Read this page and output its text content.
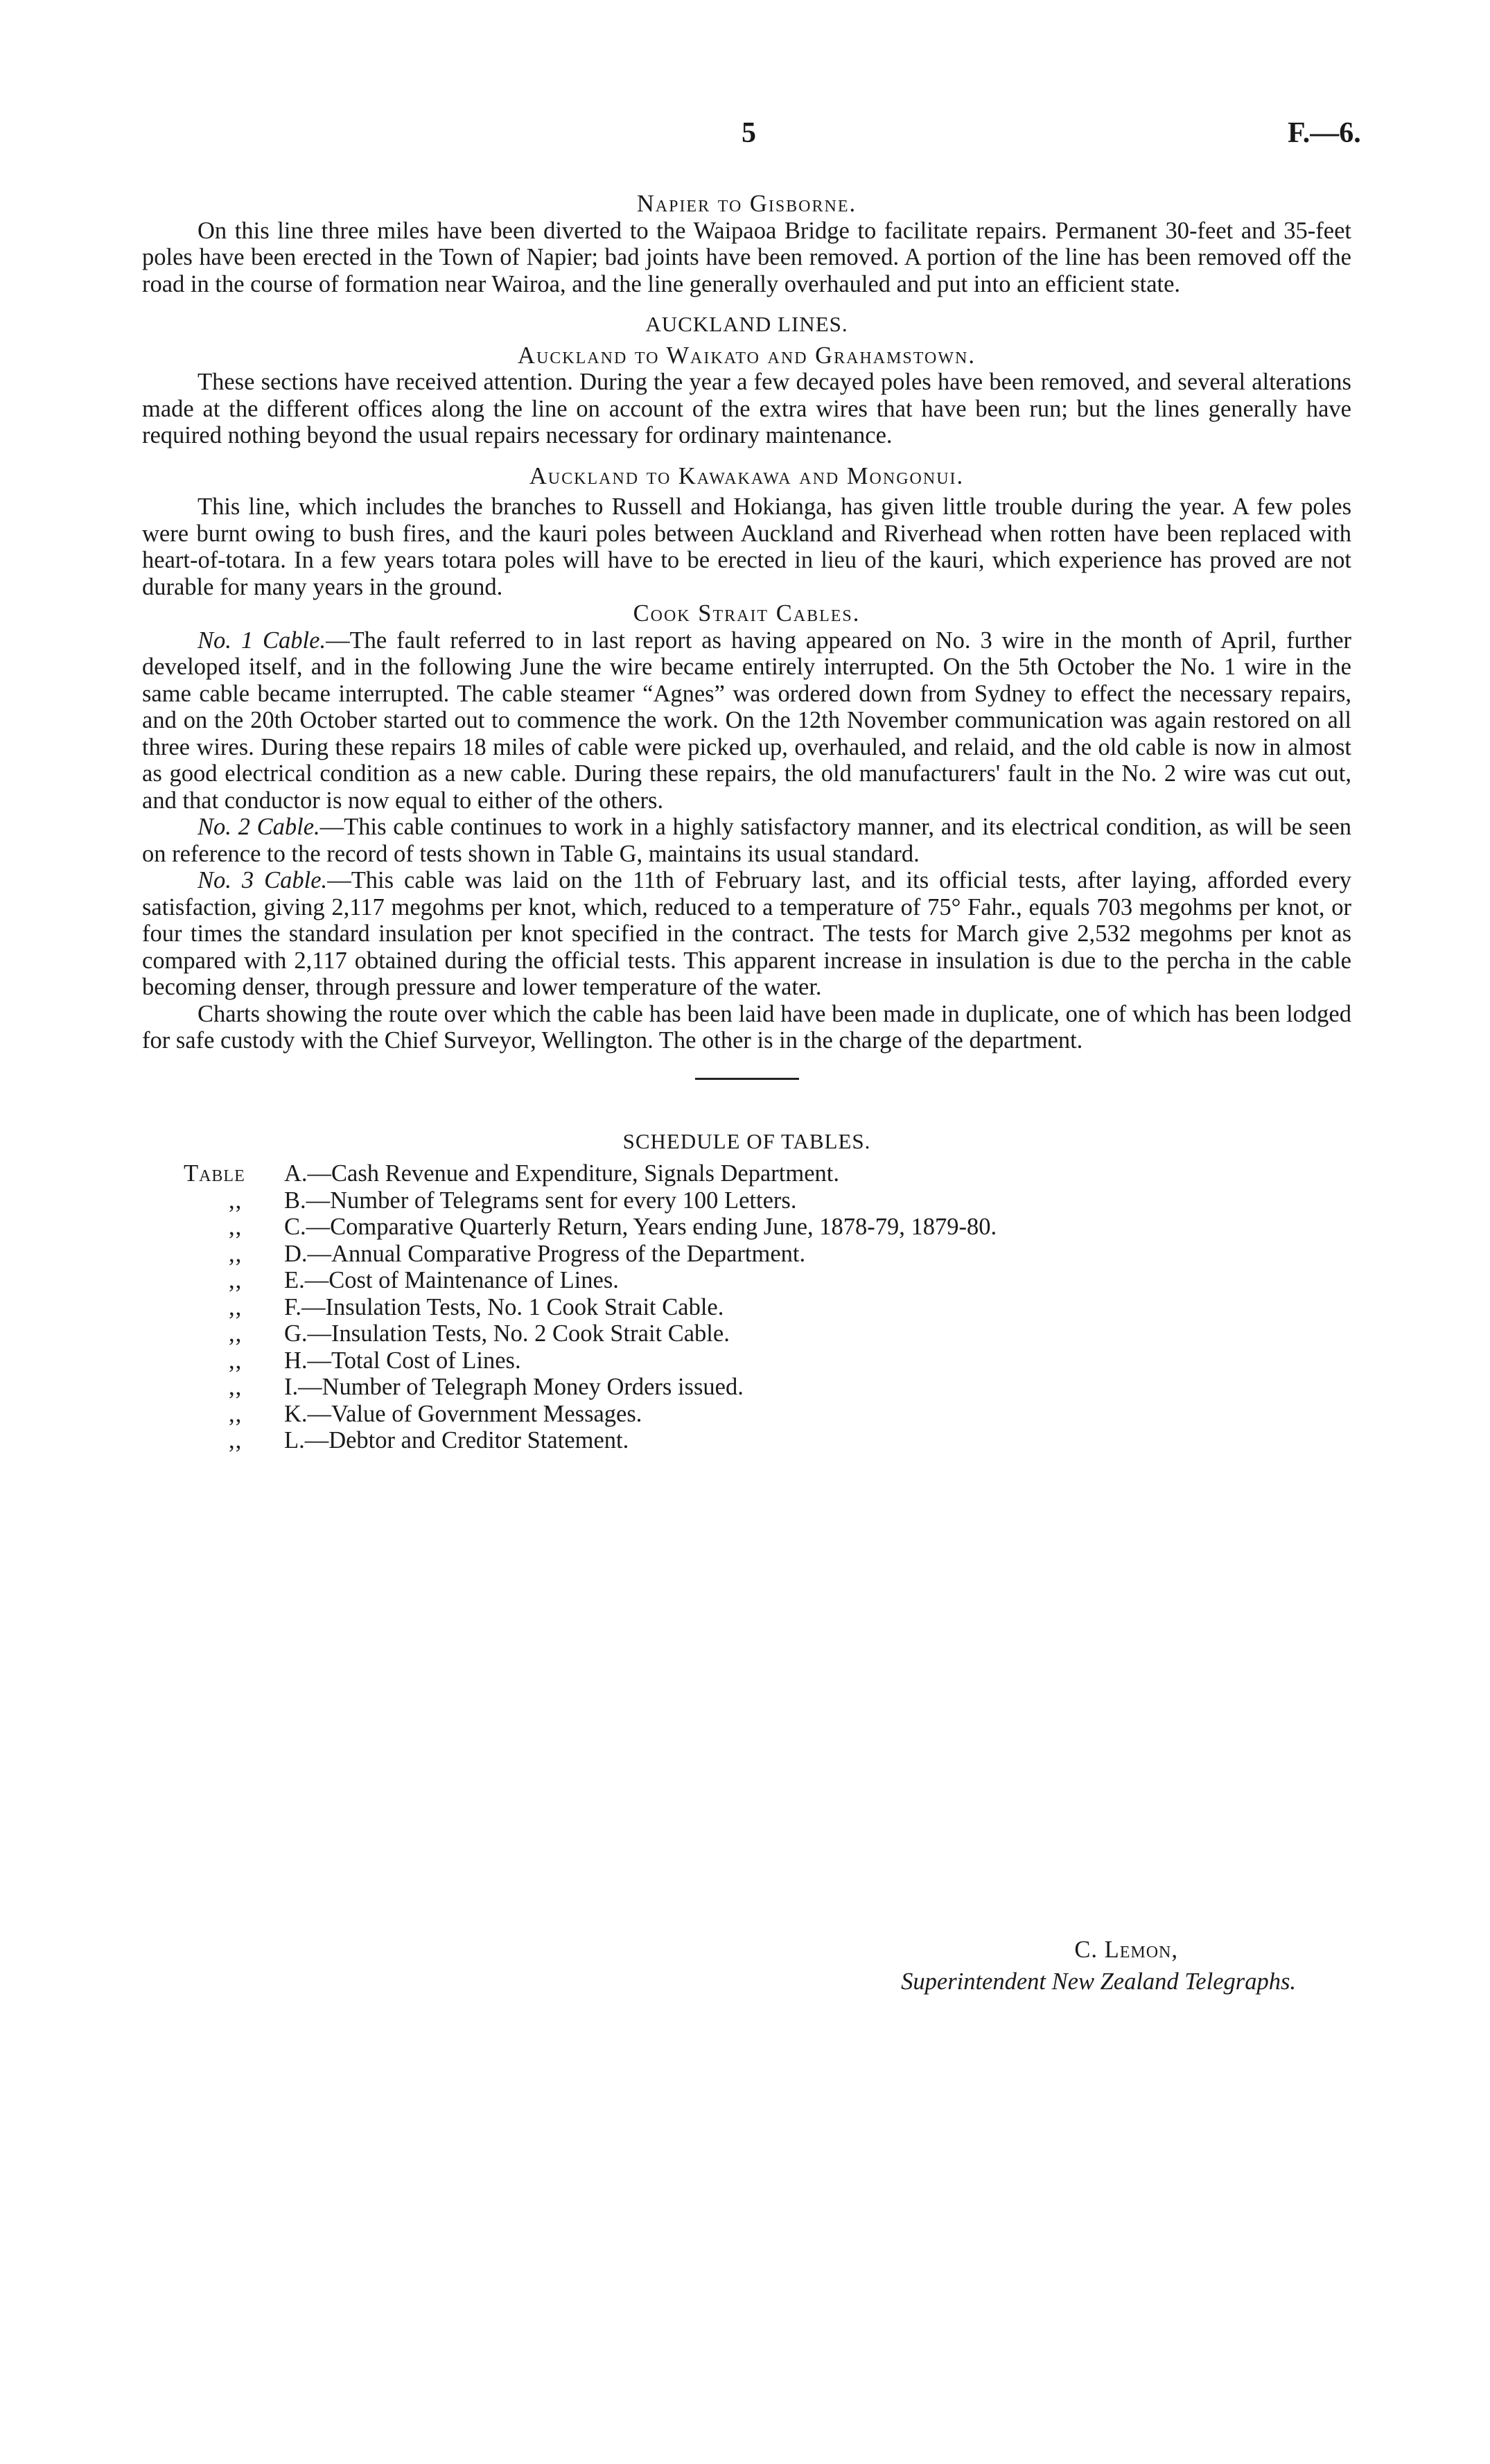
5	F.—6.
Napier to Gisborne.

On this line three miles have been diverted to the Waipaoa Bridge to facilitate repairs. Permanent 30-feet and 35-feet poles have been erected in the Town of Napier; bad joints have been removed. A portion of the line has been removed off the road in the course of formation near Wairoa, and the line generally overhauled and put into an efficient state.

AUCKLAND LINES.
Auckland to Waikato and Grahamstown.

These sections have received attention. During the year a few decayed poles have been removed, and several alterations made at the different offices along the line on account of the extra wires that have been run; but the lines generally have required nothing beyond the usual repairs necessary for ordinary maintenance.

Auckland to Kawakawa and Mongonui.

This line, which includes the branches to Russell and Hokianga, has given little trouble during the year. A few poles were burnt owing to bush fires, and the kauri poles between Auckland and Riverhead when rotten have been replaced with heart-of-totara. In a few years totara poles will have to be erected in lieu of the kauri, which experience has proved are not durable for many years in the ground.

Cook Strait Cables.

No. 1 Cable.—The fault referred to in last report as having appeared on No. 3 wire in the month of April, further developed itself, and in the following June the wire became entirely interrupted. On the 5th October the No. 1 wire in the same cable became interrupted. The cable steamer “Agnes” was ordered down from Sydney to effect the necessary repairs, and on the 20th October started out to commence the work. On the 12th November communication was again restored on all three wires. During these repairs 18 miles of cable were picked up, overhauled, and relaid, and the old cable is now in almost as good electrical condition as a new cable. During these repairs, the old manufacturers' fault in the No. 2 wire was cut out, and that conductor is now equal to either of the others.

No. 2 Cable.—This cable continues to work in a highly satisfactory manner, and its electrical condition, as will be seen on reference to the record of tests shown in Table G, maintains its usual standard.

No. 3 Cable.—This cable was laid on the 11th of February last, and its official tests, after laying, afforded every satisfaction, giving 2,117 megohms per knot, which, reduced to a temperature of 75° Fahr., equals 703 megohms per knot, or four times the standard insulation per knot specified in the contract. The tests for March give 2,532 megohms per knot as compared with 2,117 obtained during the official tests. This apparent increase in insulation is due to the percha in the cable becoming denser, through pressure and lower temperature of the water.

Charts showing the route over which the cable has been laid have been made in duplicate, one of which has been lodged for safe custody with the Chief Surveyor, Wellington. The other is in the charge of the department.

SCHEDULE OF TABLES.
Table	A.—Cash Revenue and Expenditure, Signals Department.
,,	B.—Number of Telegrams sent for every 100 Letters.
,,	C.—Comparative Quarterly Return, Years ending June, 1878-79, 1879-80.
,,	D.—Annual Comparative Progress of the Department.
,,	E.—Cost of Maintenance of Lines.
,,	F.—Insulation Tests, No. 1 Cook Strait Cable.
,,	G.—Insulation Tests, No. 2 Cook Strait Cable.
,,	H.—Total Cost of Lines.
,,	I.—Number of Telegraph Money Orders issued.
,,	K.—Value of Government Messages.
,,	L.—Debtor and Creditor Statement.
C. Lemon,
Superintendent New Zealand Telegraphs.
